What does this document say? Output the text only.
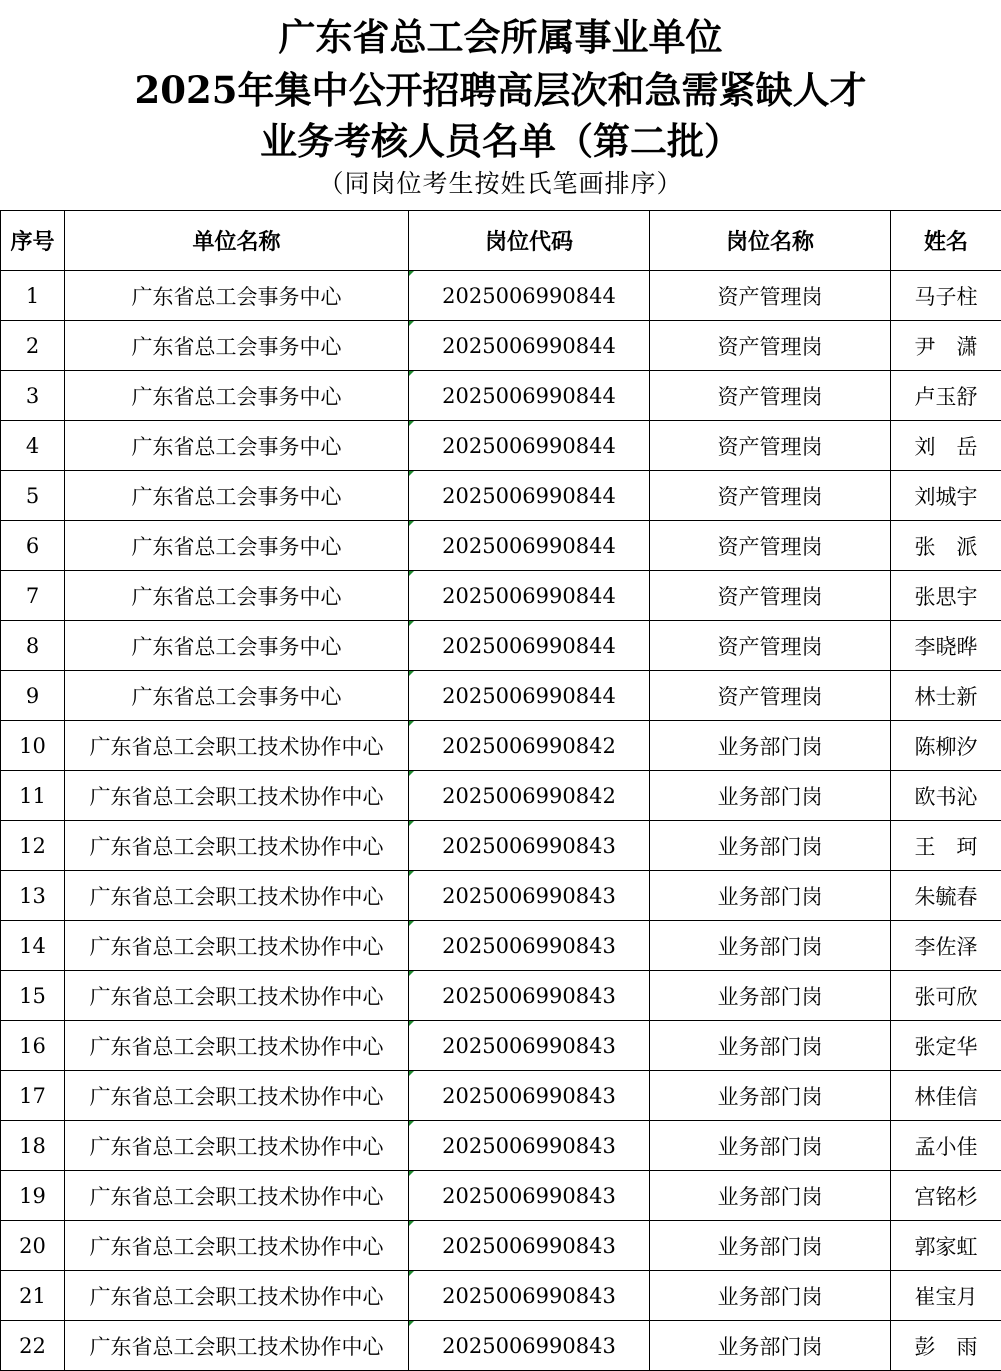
广东省总工会所属事业单位
2025年集中公开招聘高层次和急需紧缺人才
业务考核人员名单（第二批）
（同岗位考生按姓氏笔画排序）
序号	单位名称	岗位代码	岗位名称	姓名
1	广东省总工会事务中心	2025006990844	资产管理岗	马子柱
2	广东省总工会事务中心	2025006990844	资产管理岗	尹　潇
3	广东省总工会事务中心	2025006990844	资产管理岗	卢玉舒
4	广东省总工会事务中心	2025006990844	资产管理岗	刘　岳
5	广东省总工会事务中心	2025006990844	资产管理岗	刘城宇
6	广东省总工会事务中心	2025006990844	资产管理岗	张　派
7	广东省总工会事务中心	2025006990844	资产管理岗	张思宇
8	广东省总工会事务中心	2025006990844	资产管理岗	李晓晔
9	广东省总工会事务中心	2025006990844	资产管理岗	林士新
10	广东省总工会职工技术协作中心	2025006990842	业务部门岗	陈柳汐
11	广东省总工会职工技术协作中心	2025006990842	业务部门岗	欧书沁
12	广东省总工会职工技术协作中心	2025006990843	业务部门岗	王　珂
13	广东省总工会职工技术协作中心	2025006990843	业务部门岗	朱毓春
14	广东省总工会职工技术协作中心	2025006990843	业务部门岗	李佐泽
15	广东省总工会职工技术协作中心	2025006990843	业务部门岗	张可欣
16	广东省总工会职工技术协作中心	2025006990843	业务部门岗	张定华
17	广东省总工会职工技术协作中心	2025006990843	业务部门岗	林佳信
18	广东省总工会职工技术协作中心	2025006990843	业务部门岗	孟小佳
19	广东省总工会职工技术协作中心	2025006990843	业务部门岗	宫铭杉
20	广东省总工会职工技术协作中心	2025006990843	业务部门岗	郭家虹
21	广东省总工会职工技术协作中心	2025006990843	业务部门岗	崔宝月
22	广东省总工会职工技术协作中心	2025006990843	业务部门岗	彭　雨
